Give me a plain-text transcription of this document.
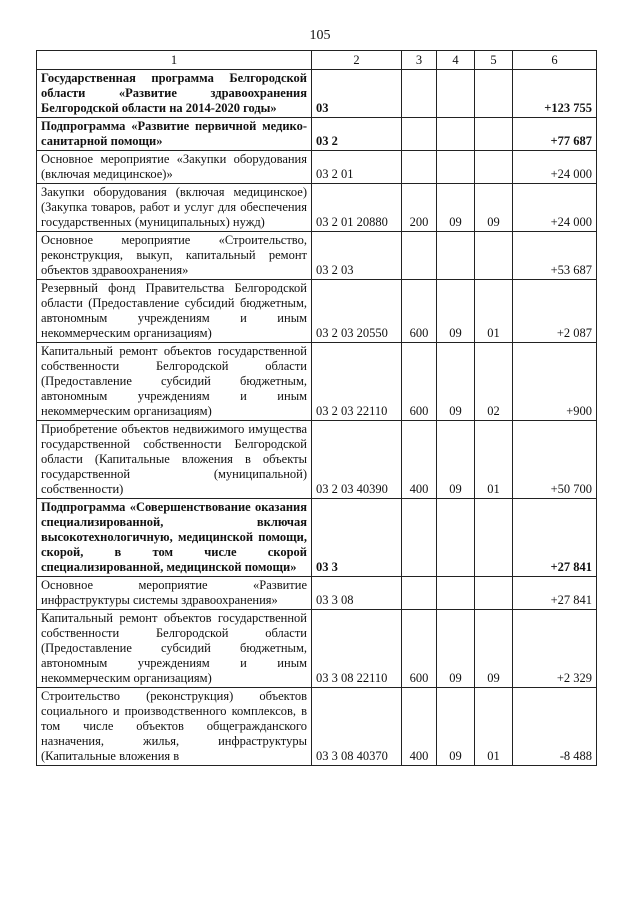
105
1	2	3	4	5	6
Государственная программа Белгородской области «Развитие здравоохранения Белгородской области на 2014-2020 годы»	03				+123 755
Подпрограмма «Развитие первичной медико-санитарной помощи»	03 2				+77 687
Основное мероприятие «Закупки оборудования (включая медицинское)»	03 2 01				+24 000
Закупки оборудования (включая медицинское) (Закупка товаров, работ и услуг для обеспечения государственных (муниципальных) нужд)	03 2 01 20880	200	09	09	+24 000
Основное мероприятие «Строительство, реконструкция, выкуп, капитальный ремонт объектов здравоохранения»	03 2 03				+53 687
Резервный фонд Правительства Белгородской области (Предоставление субсидий бюджетным, автономным учреждениям и иным некоммерческим организациям)	03 2 03 20550	600	09	01	+2 087
Капитальный ремонт объектов государственной собственности Белгородской области (Предоставление субсидий бюджетным, автономным учреждениям и иным некоммерческим организациям)	03 2 03 22110	600	09	02	+900
Приобретение объектов недвижимого имущества государственной собственности Белгородской области (Капитальные вложения в объекты государственной (муниципальной) собственности)	03 2 03 40390	400	09	01	+50 700
Подпрограмма «Совершенствование оказания специализированной, включая высокотехнологичную, медицинской помощи, скорой, в том числе скорой специализированной, медицинской помощи»	03 3				+27 841
Основное мероприятие «Развитие инфраструктуры системы здравоохранения»	03 3 08				+27 841
Капитальный ремонт объектов государственной собственности Белгородской области (Предоставление субсидий бюджетным, автономным учреждениям и иным некоммерческим организациям)	03 3 08 22110	600	09	09	+2 329
Строительство (реконструкция) объектов социального и производственного комплексов, в том числе объектов общегражданского назначения, жилья, инфраструктуры (Капитальные вложения в	03 3 08 40370	400	09	01	-8 488
